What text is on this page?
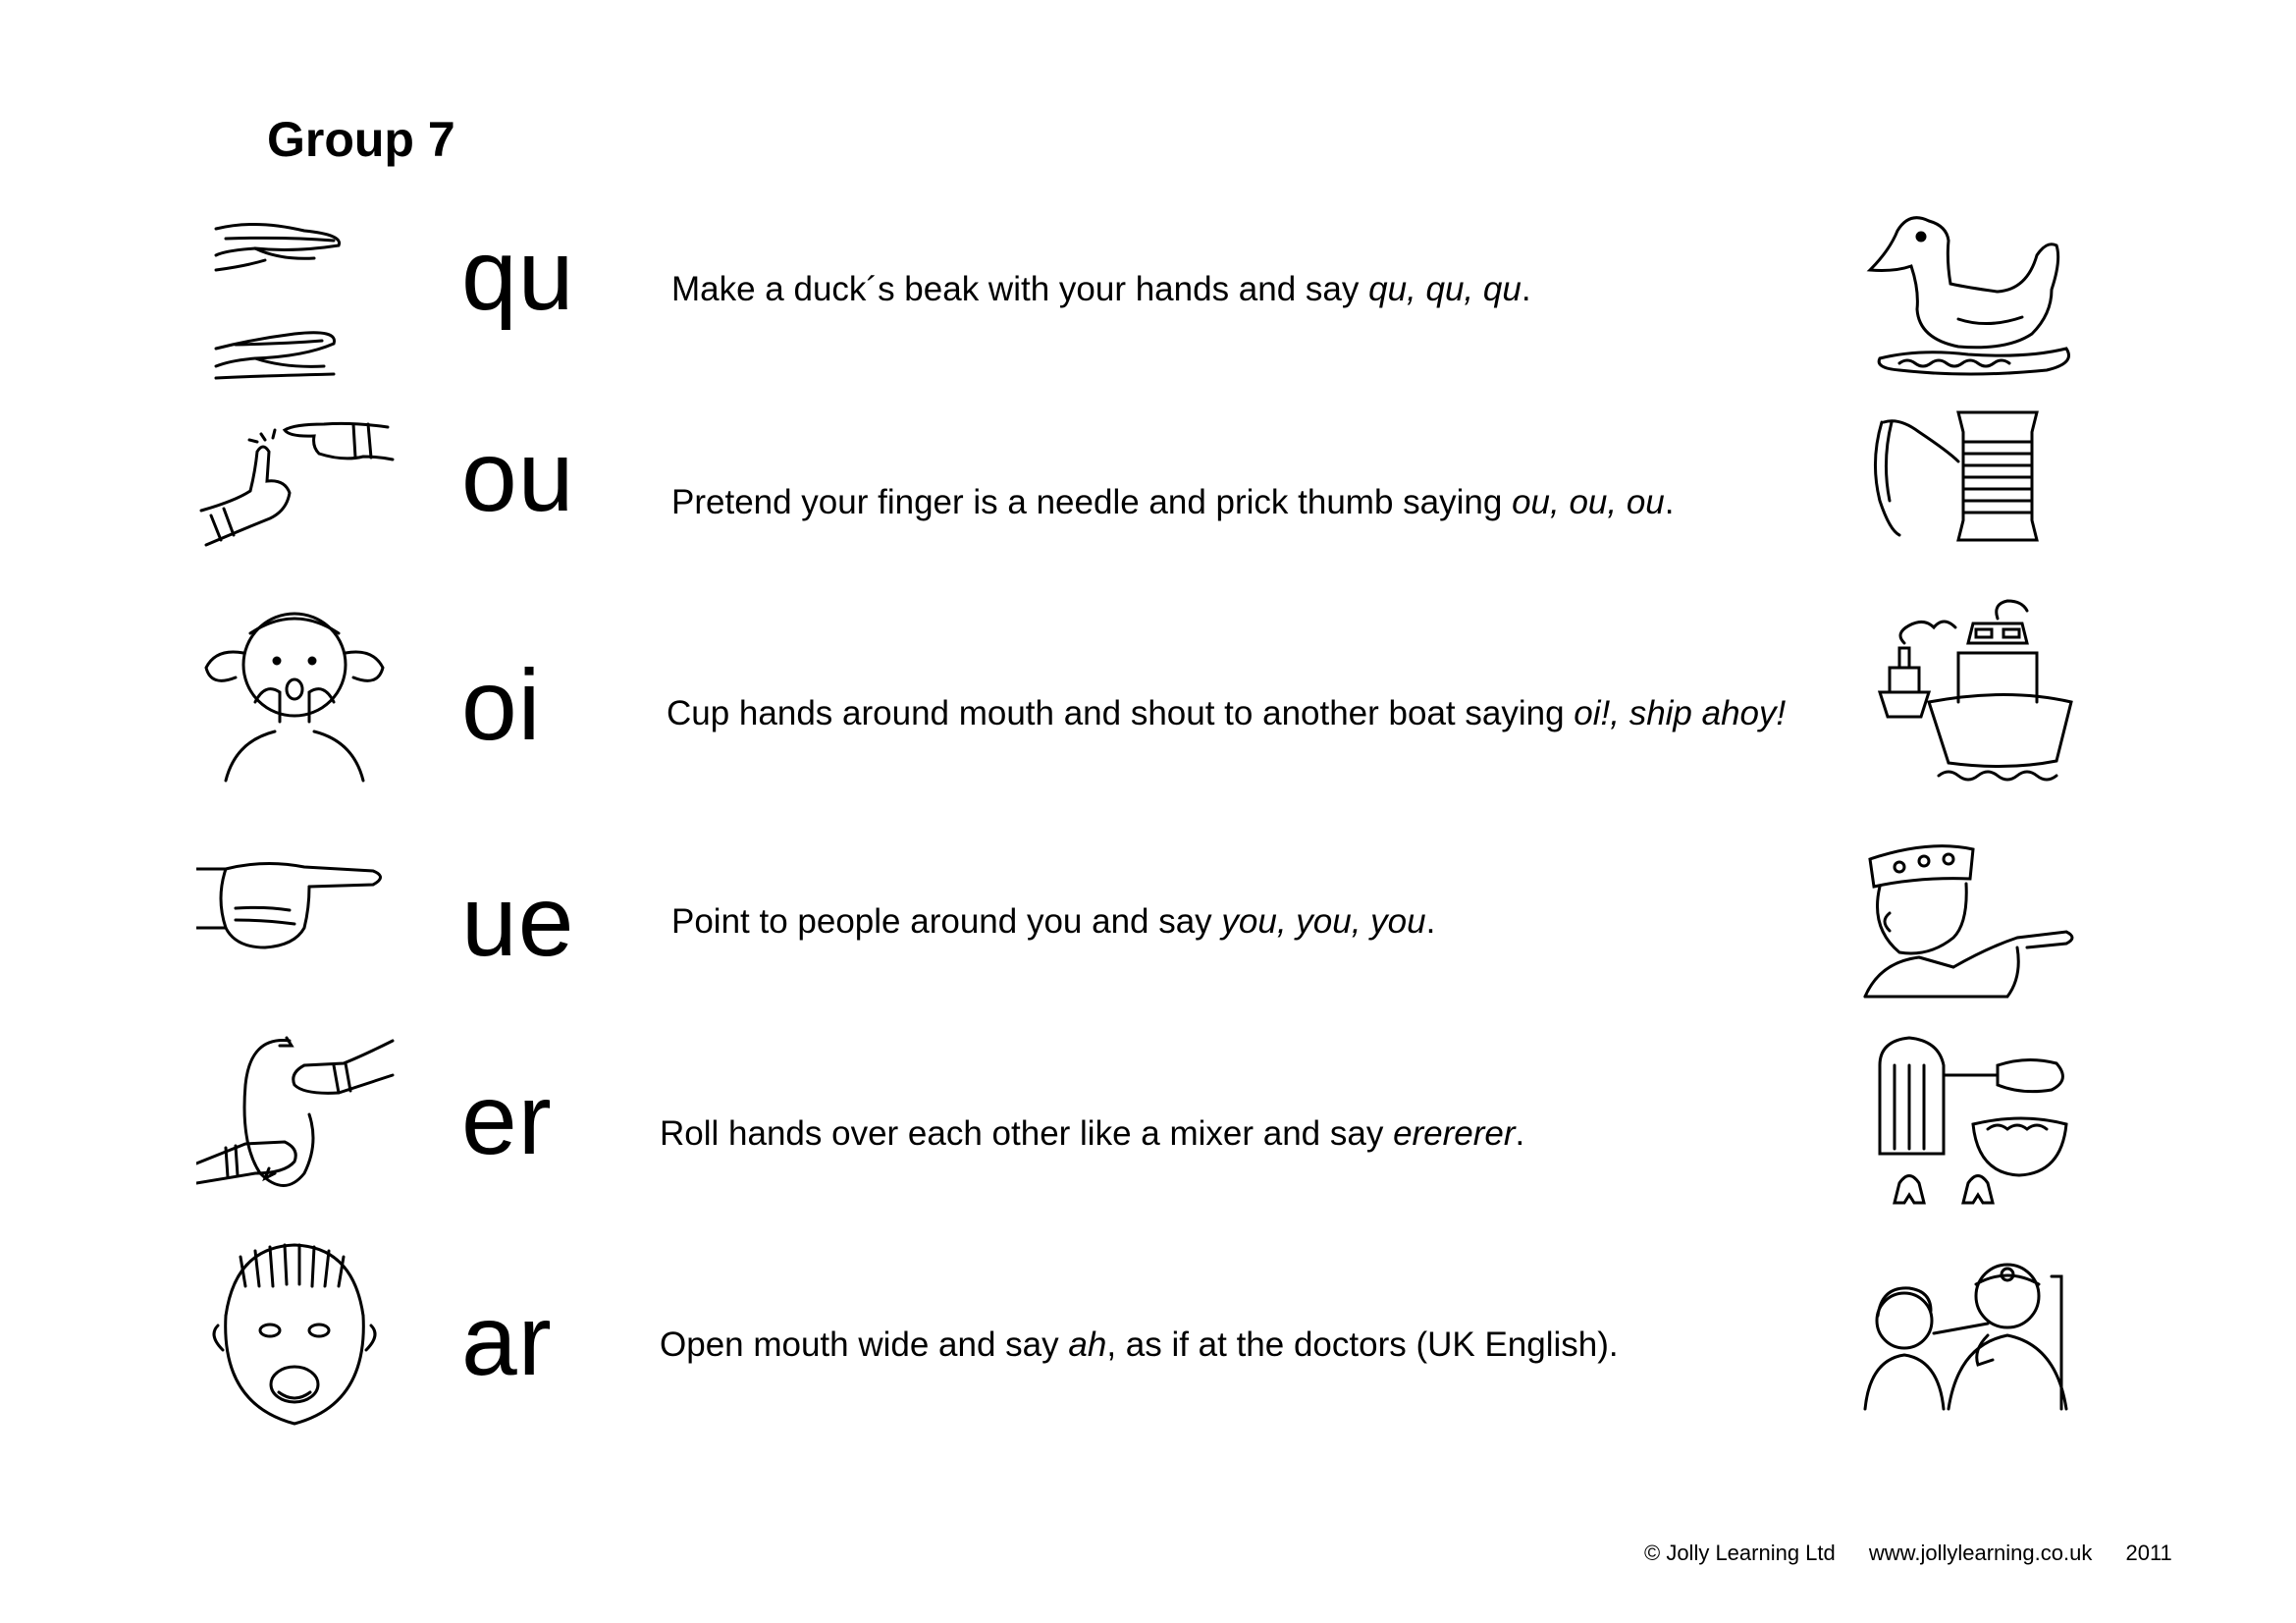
Group 7
qu	Make a duck´s beak with your hands and say qu, qu, qu.
ou	Pretend your finger is a needle and prick thumb saying ou, ou, ou.
oi	Cup hands around mouth and shout to another boat saying oi!, ship ahoy!
ue	Point to people around you and say you, you, you.
er	Roll hands over each other like a mixer and say erererer.
ar	Open mouth wide and say ah, as if at the doctors (UK English).
© Jolly Learning Ltd www.jollylearning.co.uk 2011
